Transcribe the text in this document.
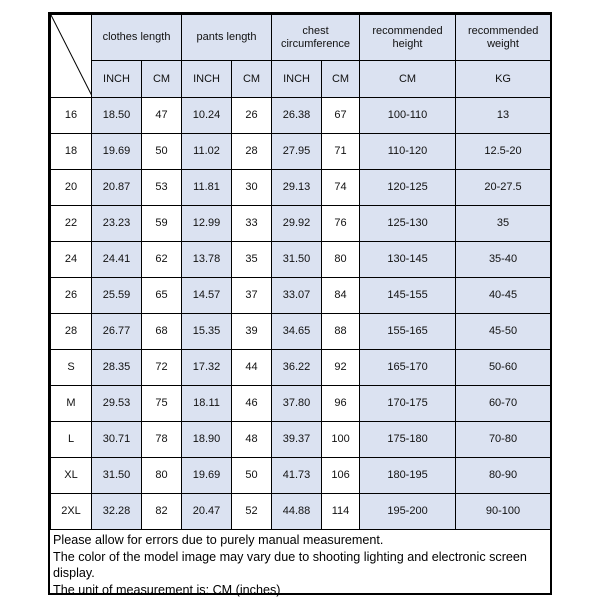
	clothes length		pants length		chest circumference		recommended height	recommended weight
	INCH	CM	INCH	CM	INCH	CM	CM	KG
16	18.50	47	10.24	26	26.38	67	100-110	13
18	19.69	50	11.02	28	27.95	71	110-120	12.5-20
20	20.87	53	11.81	30	29.13	74	120-125	20-27.5
22	23.23	59	12.99	33	29.92	76	125-130	35
24	24.41	62	13.78	35	31.50	80	130-145	35-40
26	25.59	65	14.57	37	33.07	84	145-155	40-45
28	26.77	68	15.35	39	34.65	88	155-165	45-50
S	28.35	72	17.32	44	36.22	92	165-170	50-60
M	29.53	75	18.11	46	37.80	96	170-175	60-70
L	30.71	78	18.90	48	39.37	100	175-180	70-80
XL	31.50	80	19.69	50	41.73	106	180-195	80-90
2XL	32.28	82	20.47	52	44.88	114	195-200	90-100
Please allow for errors due to purely manual measurement.
The color of the model image may vary due to shooting lighting and electronic screen display.
The unit of measurement is: CM (inches)
